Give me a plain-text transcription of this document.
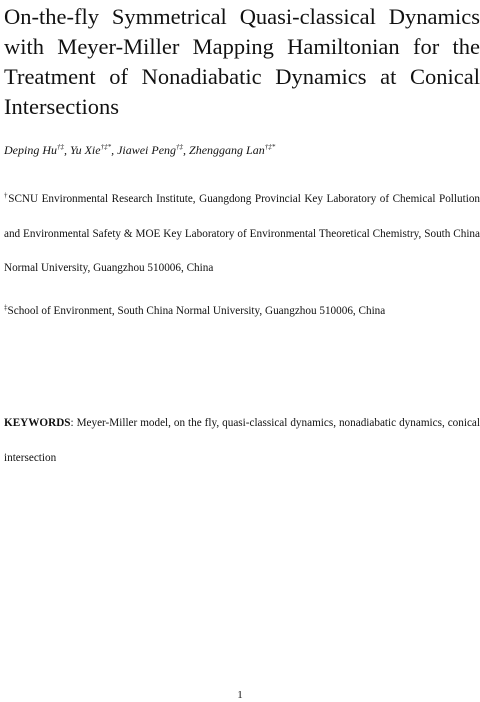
On-the-fly Symmetrical Quasi-classical Dynamics with Meyer-Miller Mapping Hamiltonian for the Treatment of Nonadiabatic Dynamics at Conical Intersections

Deping Hu†‡, Yu Xie†‡*, Jiawei Peng†‡, Zhenggang Lan†‡*

†SCNU Environmental Research Institute, Guangdong Provincial Key Laboratory of Chemical Pollution and Environmental Safety & MOE Key Laboratory of Environmental Theoretical Chemistry, South China Normal University, Guangzhou 510006, China

‡School of Environment, South China Normal University, Guangzhou 510006, China

KEYWORDS: Meyer-Miller model, on the fly, quasi-classical dynamics, nonadiabatic dynamics, conical intersection

1
